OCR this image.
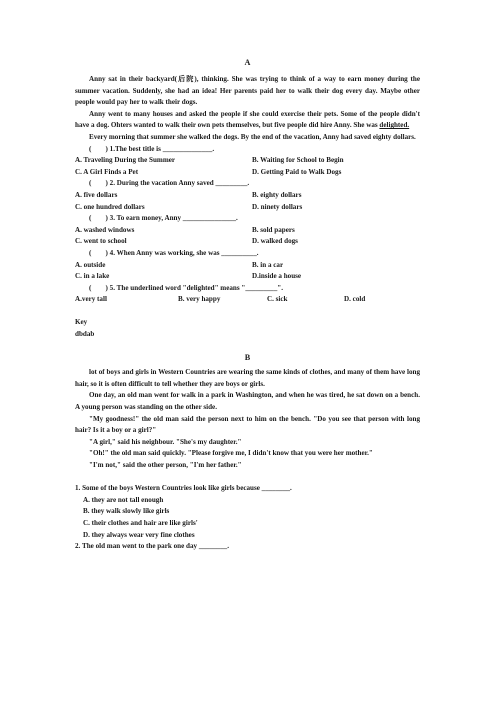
A

Anny sat in their backyard(后院), thinking. She was trying to think of a way to earn money during the summer vacation. Suddenly, she had an idea! Her parents paid her to walk their dog every day. Maybe other people would pay her to walk their dogs.

Anny went to many houses and asked the people if she could exercise their pets. Some of the people didn't have a dog. Ohters wanted to walk their own pets themselves, but five people did hire Anny. She was delighted.

Every morning that summer she walked the dogs. By the end of the vacation, Anny had saved eighty dollars.

(　　) 1.The best title is ______________.

A. Traveling During the Summer	B. Waiting for School to Begin
C. A Girl Finds a Pet	D. Getting Paid to Walk Dogs

(　　) 2. During the vacation Anny saved _________.

A. five dollars	B. eighty dollars
C. one hundred dollars	D. ninety dollars

(　　) 3. To earn money, Anny _______________.

A. washed windows	B. sold papers
C. went to school	D. walked dogs

(　　) 4. When Anny was working, she was __________.

A. outside	B. in a car
C. in a lake	D.inside a house

(　　) 5. The underlined word "delighted" means "_________".

A.very tall	B. very happy	C. sick	D. cold

Key

dbdab

B

lot of boys and girls in Western Countries are wearing the same kinds of clothes, and many of them have long hair, so it is often difficult to tell whether they are boys or girls.

One day, an old man went for walk in a park in Washington, and when he was tired, he sat down on a bench. A young person was standing on the other side.

"My goodness!" the old man said the person next to him on the bench. "Do you see that person with long hair? Is it a boy or a girl?"

"A girl," said his neighbour. "She's my daughter."

"Oh!" the old man said quickly. "Please forgive me, I didn't know that you were her mother."

"I'm not," said the other person, "I'm her father."

1. Some of the boys Western Countries look like girls because ________.

A. they are not tall enough

B. they walk slowly like girls

C. their clothes and hair are like girls'

D. they always wear very fine clothes

2. The old man went to the park one day ________.
